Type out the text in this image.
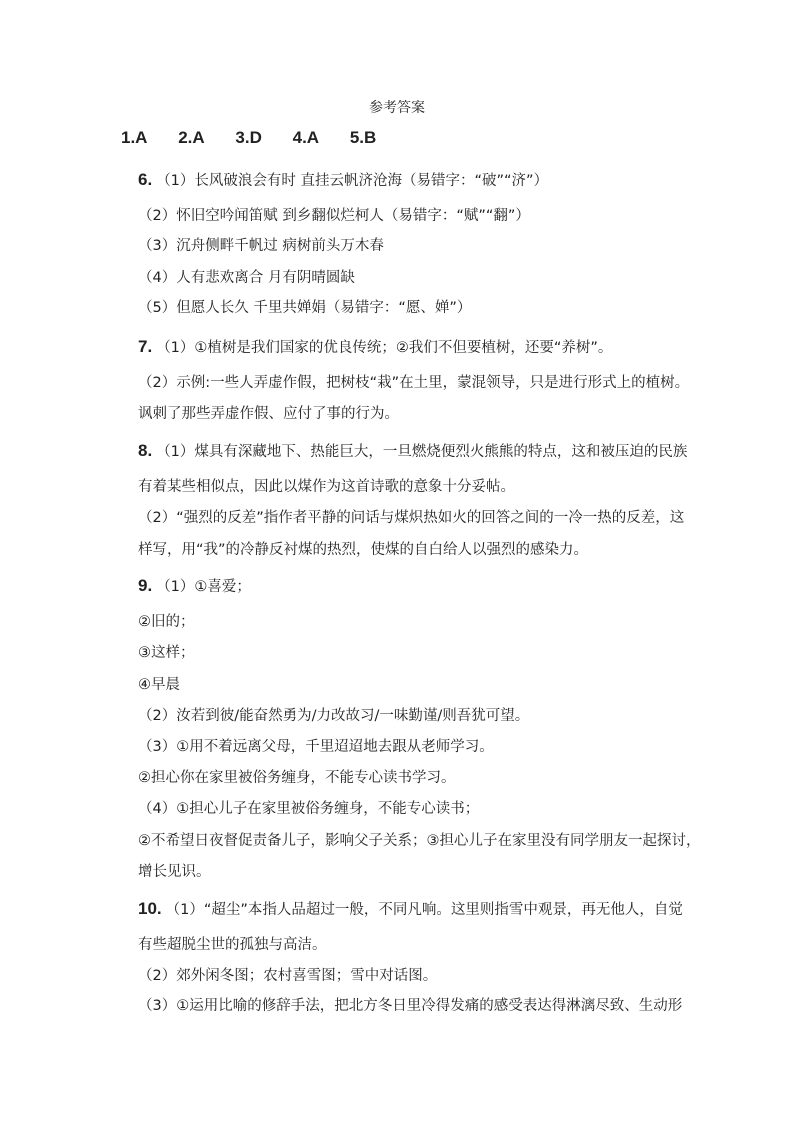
参考答案
1.A 2.A 3.D 4.A 5.B
6. （1）长风破浪会有时 直挂云帆济沧海（易错字：“破”“济”）
（2）怀旧空吟闻笛赋 到乡翻似烂柯人（易错字：“赋”“翻”）
（3）沉舟侧畔千帆过 病树前头万木春
（4）人有悲欢离合 月有阴晴圆缺
（5）但愿人长久 千里共婵娟（易错字：“愿、婵”）
7. （1）①植树是我们国家的优良传统；②我们不但要植树，还要“养树”。
（2）示例:一些人弄虚作假，把树枝“栽”在土里，蒙混领导，只是进行形式上的植树。
讽刺了那些弄虚作假、应付了事的行为。
8. （1）煤具有深藏地下、热能巨大，一旦燃烧便烈火熊熊的特点，这和被压迫的民族
有着某些相似点，因此以煤作为这首诗歌的意象十分妥帖。
（2）“强烈的反差”指作者平静的问话与煤炽热如火的回答之间的一冷一热的反差，这
样写，用“我”的冷静反衬煤的热烈，使煤的自白给人以强烈的感染力。
9. （1）①喜爱；
②旧的；
③这样；
④早晨
（2）汝若到彼/能奋然勇为/力改故习/一味勤谨/则吾犹可望。
（3）①用不着远离父母，千里迢迢地去跟从老师学习。
②担心你在家里被俗务缠身，不能专心读书学习。
（4）①担心儿子在家里被俗务缠身，不能专心读书；
②不希望日夜督促责备儿子，影响父子关系；③担心儿子在家里没有同学朋友一起探讨，
增长见识。
10. （1）“超尘”本指人品超过一般，不同凡响。这里则指雪中观景，再无他人，自觉
有些超脱尘世的孤独与高洁。
（2）郊外闲冬图；农村喜雪图；雪中对话图。
（3）①运用比喻的修辞手法，把北方冬日里冷得发痛的感受表达得淋漓尽致、生动形
